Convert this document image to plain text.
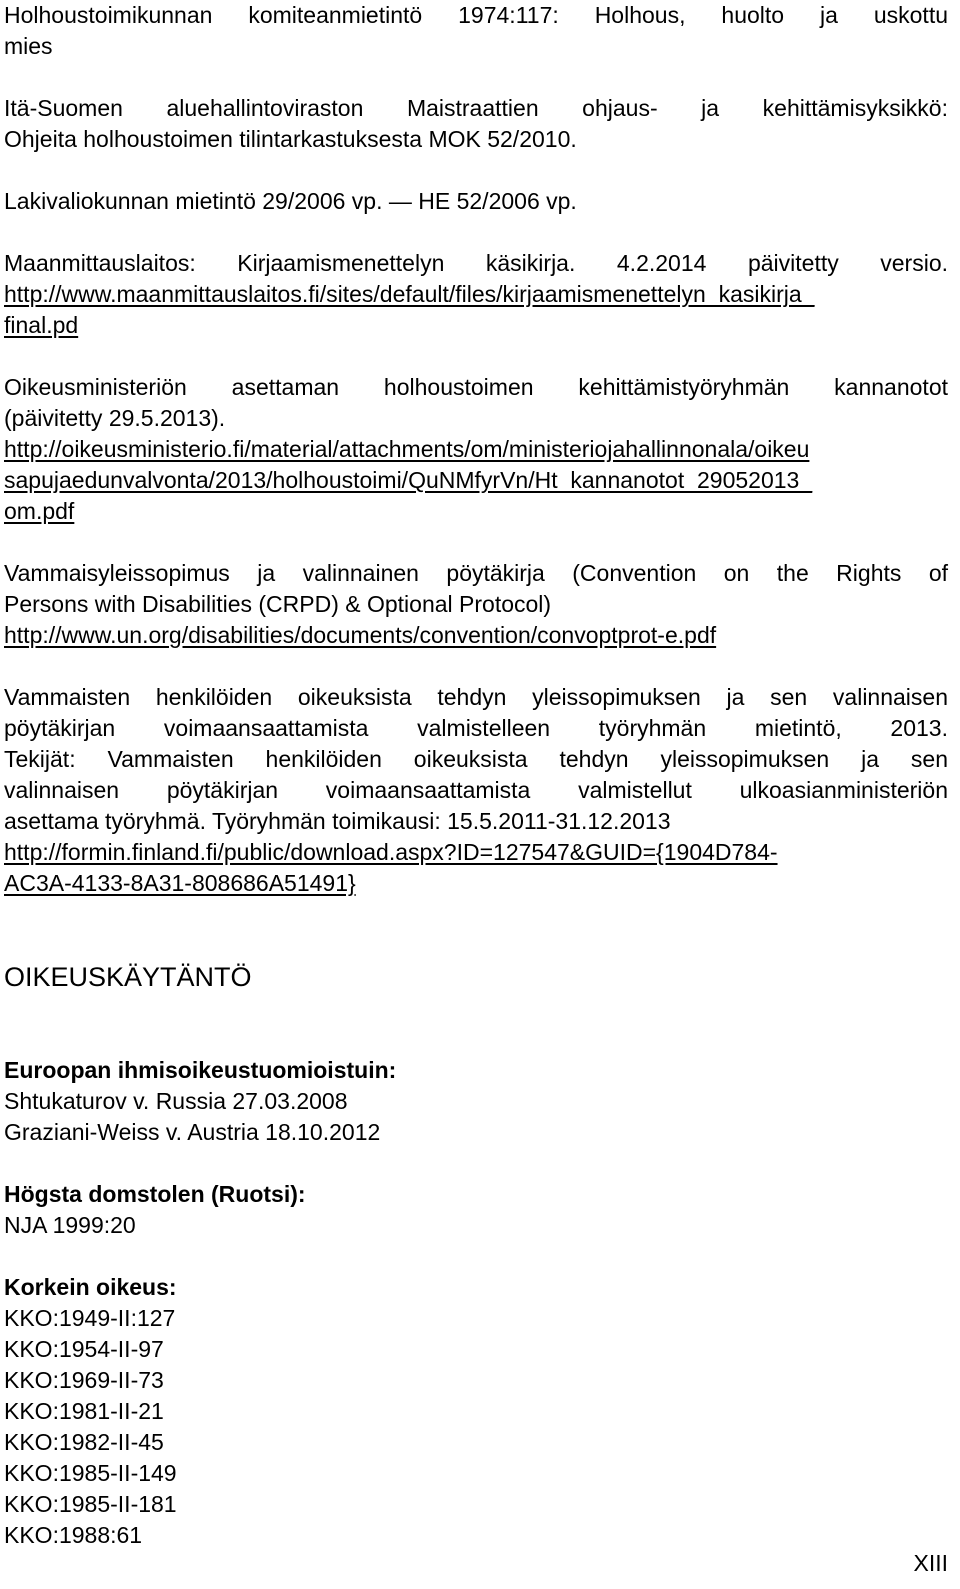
Holhoustoimikunnan komiteanmietintö 1974:117: Holhous, huolto ja uskottu
mies
Itä-Suomen aluehallintoviraston Maistraattien ohjaus- ja kehittämisyksikkö:
Ohjeita holhoustoimen tilintarkastuksesta MOK 52/2010.
Lakivaliokunnan mietintö 29/2006 vp. — HE 52/2006 vp.
Maanmittauslaitos: Kirjaamismenettelyn käsikirja. 4.2.2014 päivitetty versio.
http://www.maanmittauslaitos.fi/sites/default/files/kirjaamismenettelyn_kasikirja_
final.pd
Oikeusministeriön asettaman holhoustoimen kehittämistyöryhmän kannanotot
(päivitetty 29.5.2013).
http://oikeusministerio.fi/material/attachments/om/ministeriojahallinnonala/oikeu
sapujaedunvalvonta/2013/holhoustoimi/QuNMfyrVn/Ht_kannanotot_29052013_
om.pdf
Vammaisyleissopimus ja valinnainen pöytäkirja (Convention on the Rights of
Persons with Disabilities (CRPD) & Optional Protocol)
http://www.un.org/disabilities/documents/convention/convoptprot-e.pdf
Vammaisten henkilöiden oikeuksista tehdyn yleissopimuksen ja sen valinnaisen
pöytäkirjan voimaansaattamista valmistelleen työryhmän mietintö, 2013.
Tekijät: Vammaisten henkilöiden oikeuksista tehdyn yleissopimuksen ja sen
valinnaisen pöytäkirjan voimaansaattamista valmistellut ulkoasianministeriön
asettama työryhmä. Työryhmän toimikausi: 15.5.2011-31.12.2013
http://formin.finland.fi/public/download.aspx?ID=127547&GUID={1904D784-
AC3A-4133-8A31-808686A51491}
OIKEUSKÄYTÄNTÖ
Euroopan ihmisoikeustuomioistuin:
Shtukaturov v. Russia 27.03.2008
Graziani-Weiss v. Austria 18.10.2012
Högsta domstolen (Ruotsi):
NJA 1999:20
Korkein oikeus:
KKO:1949-II:127
KKO:1954-II-97
KKO:1969-II-73
KKO:1981-II-21
KKO:1982-II-45
KKO:1985-II-149
KKO:1985-II-181
KKO:1988:61
XIII
